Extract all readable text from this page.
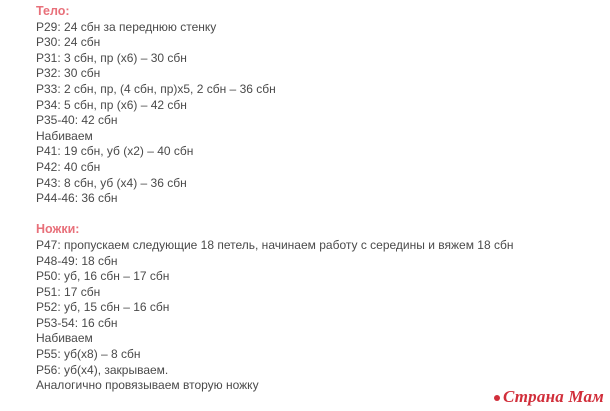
Тело:
Р29: 24 сбн за переднюю стенку
Р30: 24 сбн
Р31: 3 сбн, пр (х6) – 30 сбн
Р32: 30 сбн
Р33: 2 сбн, пр, (4 сбн, пр)х5, 2 сбн – 36 сбн
Р34: 5 сбн, пр (х6) – 42 сбн
Р35-40: 42 сбн
Набиваем
Р41: 19 сбн, уб (х2) – 40 сбн
Р42: 40 сбн
Р43: 8 сбн, уб (х4) – 36 сбн
Р44-46: 36 сбн
Ножки:
Р47: пропускаем следующие 18 петель, начинаем работу с середины и вяжем 18 сбн
Р48-49: 18 сбн
Р50: уб, 16 сбн – 17 сбн
Р51: 17 сбн
Р52: уб, 15 сбн – 16 сбн
Р53-54: 16 сбн
Набиваем
Р55: уб(х8) – 8 сбн
Р56: уб(х4), закрываем.
Аналогично провязываем вторую ножку
Страна Мам
